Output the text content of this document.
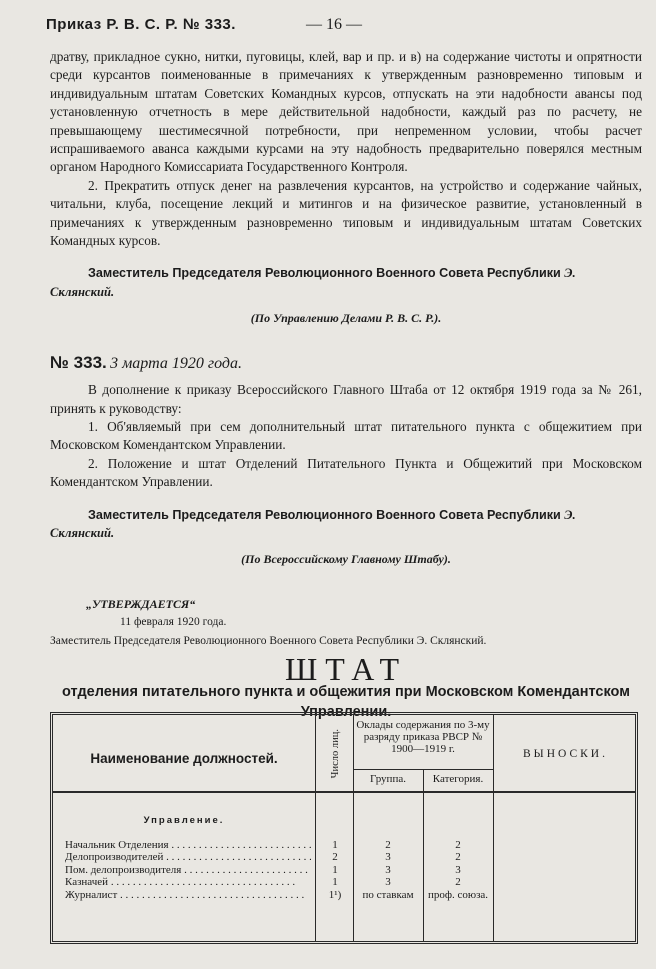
Приказ Р. В. С. Р. № 333.	— 16 —

дратву, прикладное сукно, нитки, пуговицы, клей, вар и пр. и в) на содержание чистоты и опрятности среди курсантов поименованные в примечаниях к утвержденным разновременно типовым и индивидуальным штатам Советских Командных курсов, отпускать на эти надобности авансы под установленную отчетность в мере действительной надобности, каждый раз по расчету, не превышающему шестимесячной потребности, при непременном условии, чтобы расчет испрашиваемого аванса каждыми курсами на эту надобность предварительно поверялся местным органом Народного Комиссариата Государственного Контроля.

2. Прекратить отпуск денег на развлечения курсантов, на устройство и содержание чайных, читальни, клуба, посещение лекций и митингов и на физическое развитие, установленный в примечаниях к утвержденным разновременно типовым и индивидуальным штатам Советских Командных курсов.

Заместитель Председателя Революционного Военного Совета Республики Э. Склянский.

(По Управлению Делами Р. В. С. Р.).

№ 333. 3 марта 1920 года.

В дополнение к приказу Всероссийского Главного Штаба от 12 октября 1919 года за № 261, принять к руководству:

1. Об'являемый при сем дополнительный штат питательного пункта с общежитием при Московском Комендантском Управлении.

2. Положение и штат Отделений Питательного Пункта и Общежитий при Московском Комендантском Управлении.

Заместитель Председателя Революционного Военного Совета Республики Э. Склянский.

(По Всероссийскому Главному Штабу).

„УТВЕРЖДАЕТСЯ“

11 февраля 1920 года.

Заместитель Председателя Революционного Военного Совета Республики Э. Склянский.

ШТАТ

отделения питательного пункта и общежития при Московском Комендантском Управлении.

Наименование должностей.	Число лиц.
Оклады содержания по 3-му разряду приказа РВСР № 1900—1919 г.
Группа.	Категория.
ВЫНОСКИ.
Управление.
Начальник Отделения . . .	1	2	2
Делопроизводителей . . .	2	3	2
Пом. делопроизводителя . . .	1	3	3
Казначей . . .	1	3	2
Журналист . . .	1¹)	по ставкам	проф. союза.
